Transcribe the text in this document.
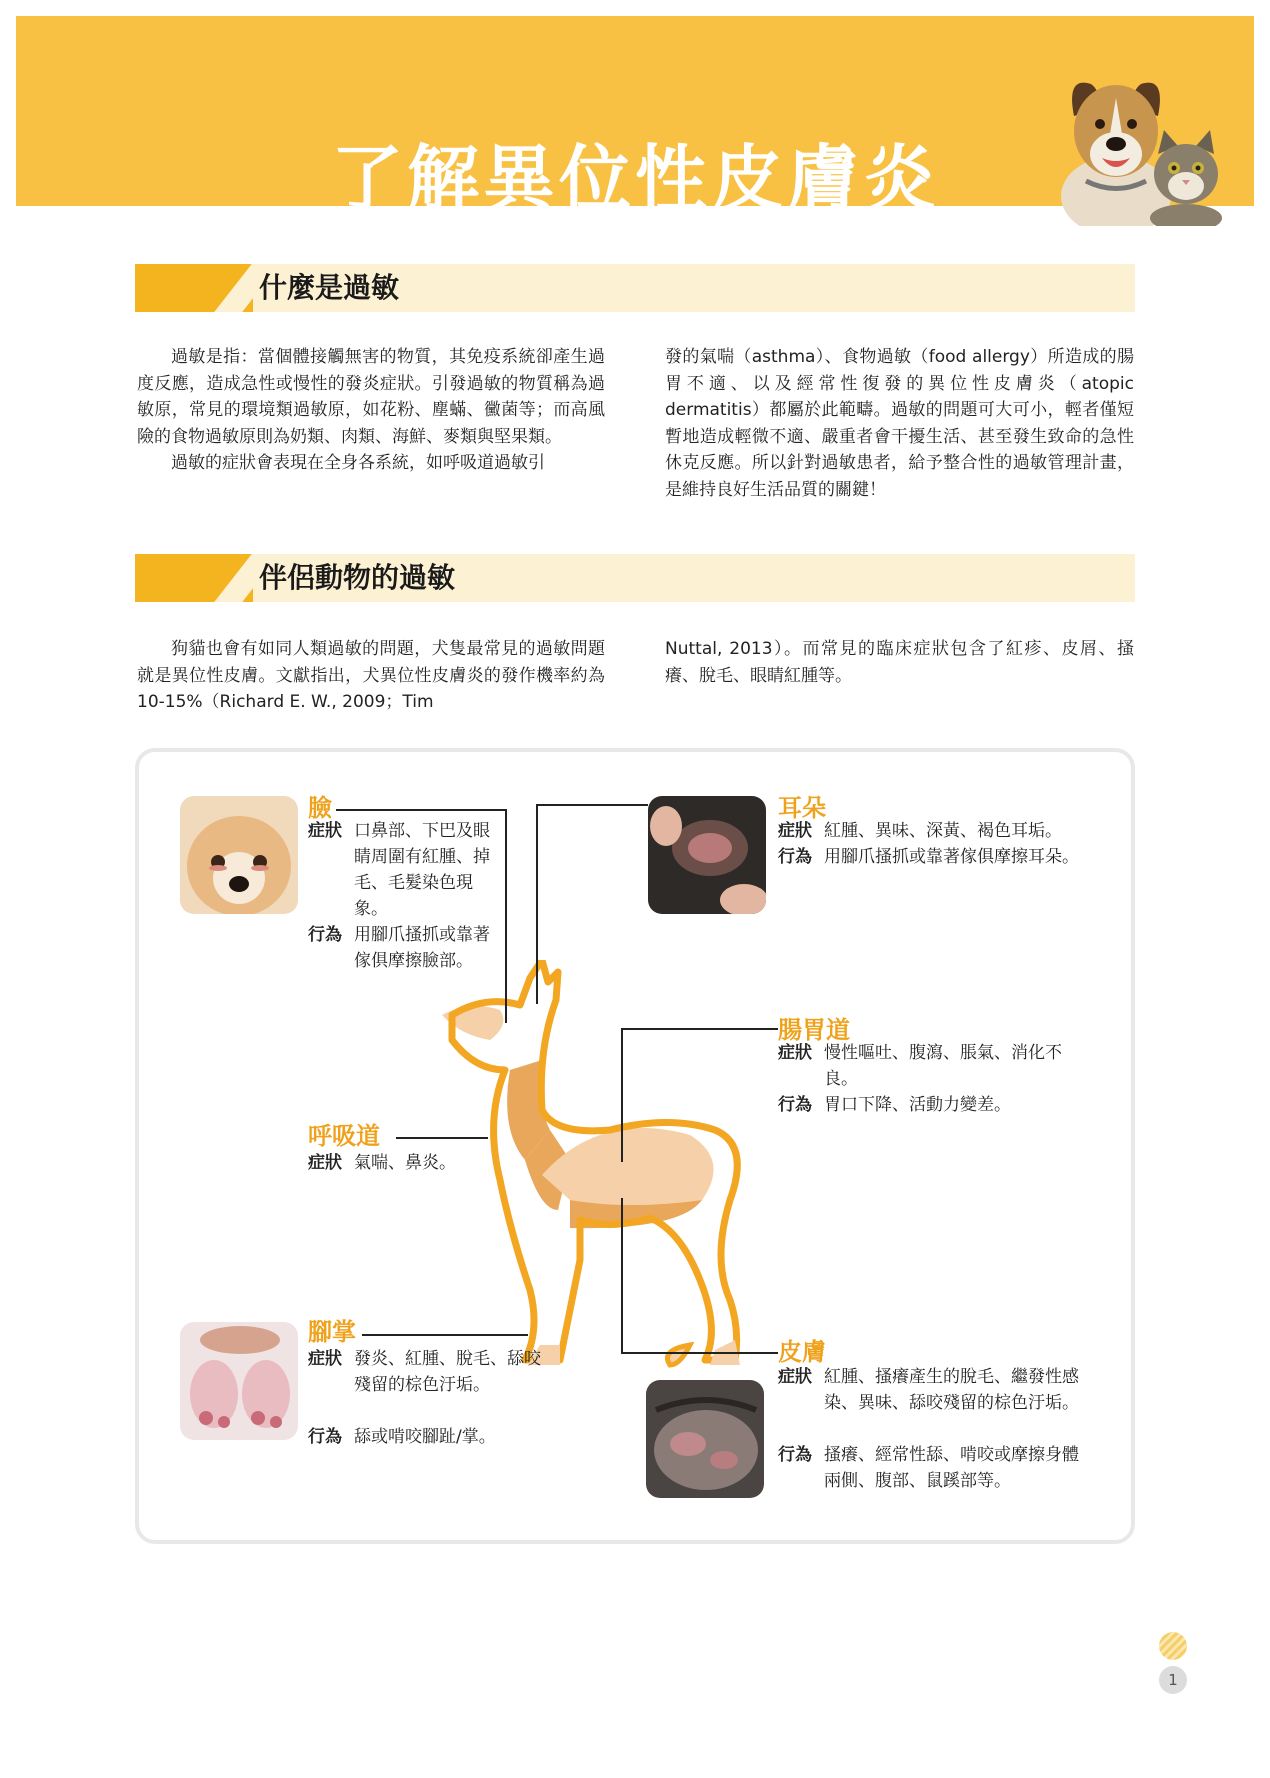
了解異位性皮膚炎
什麼是過敏

過敏是指：當個體接觸無害的物質，其免疫系統卻產生過度反應，造成急性或慢性的發炎症狀。引發過敏的物質稱為過敏原，常見的環境類過敏原，如花粉、塵蟎、黴菌等；而高風險的食物過敏原則為奶類、肉類、海鮮、麥類與堅果類。

過敏的症狀會表現在全身各系統，如呼吸道過敏引

發的氣喘（asthma）、食物過敏（food allergy）所造成的腸胃不適、以及經常性復發的異位性皮膚炎（atopic dermatitis）都屬於此範疇。過敏的問題可大可小，輕者僅短暫地造成輕微不適、嚴重者會干擾生活、甚至發生致命的急性休克反應。所以針對過敏患者，給予整合性的過敏管理計畫，是維持良好生活品質的關鍵！

伴侶動物的過敏

狗貓也會有如同人類過敏的問題，犬隻最常見的過敏問題就是異位性皮膚。文獻指出，犬異位性皮膚炎的發作機率約為10-15%（Richard E. W., 2009；Tim

Nuttal, 2013）。而常見的臨床症狀包含了紅疹、皮屑、搔癢、脫毛、眼睛紅腫等。

臉
症狀 口鼻部、下巴及眼睛周圍有紅腫、掉毛、毛髮染色現象。
行為 用腳爪搔抓或靠著傢俱摩擦臉部。
耳朵
症狀 紅腫、異味、深黃、褐色耳垢。
行為 用腳爪搔抓或靠著傢俱摩擦耳朵。
腸胃道
症狀 慢性嘔吐、腹瀉、脹氣、消化不良。
行為 胃口下降、活動力變差。
呼吸道
症狀 氣喘、鼻炎。
腳掌
症狀 發炎、紅腫、脫毛、舔咬殘留的棕色汙垢。
行為 舔或啃咬腳趾/掌。
皮膚
症狀 紅腫、搔癢產生的脫毛、繼發性感染、異味、舔咬殘留的棕色汙垢。
行為 搔癢、經常性舔、啃咬或摩擦身體兩側、腹部、鼠蹊部等。
1
